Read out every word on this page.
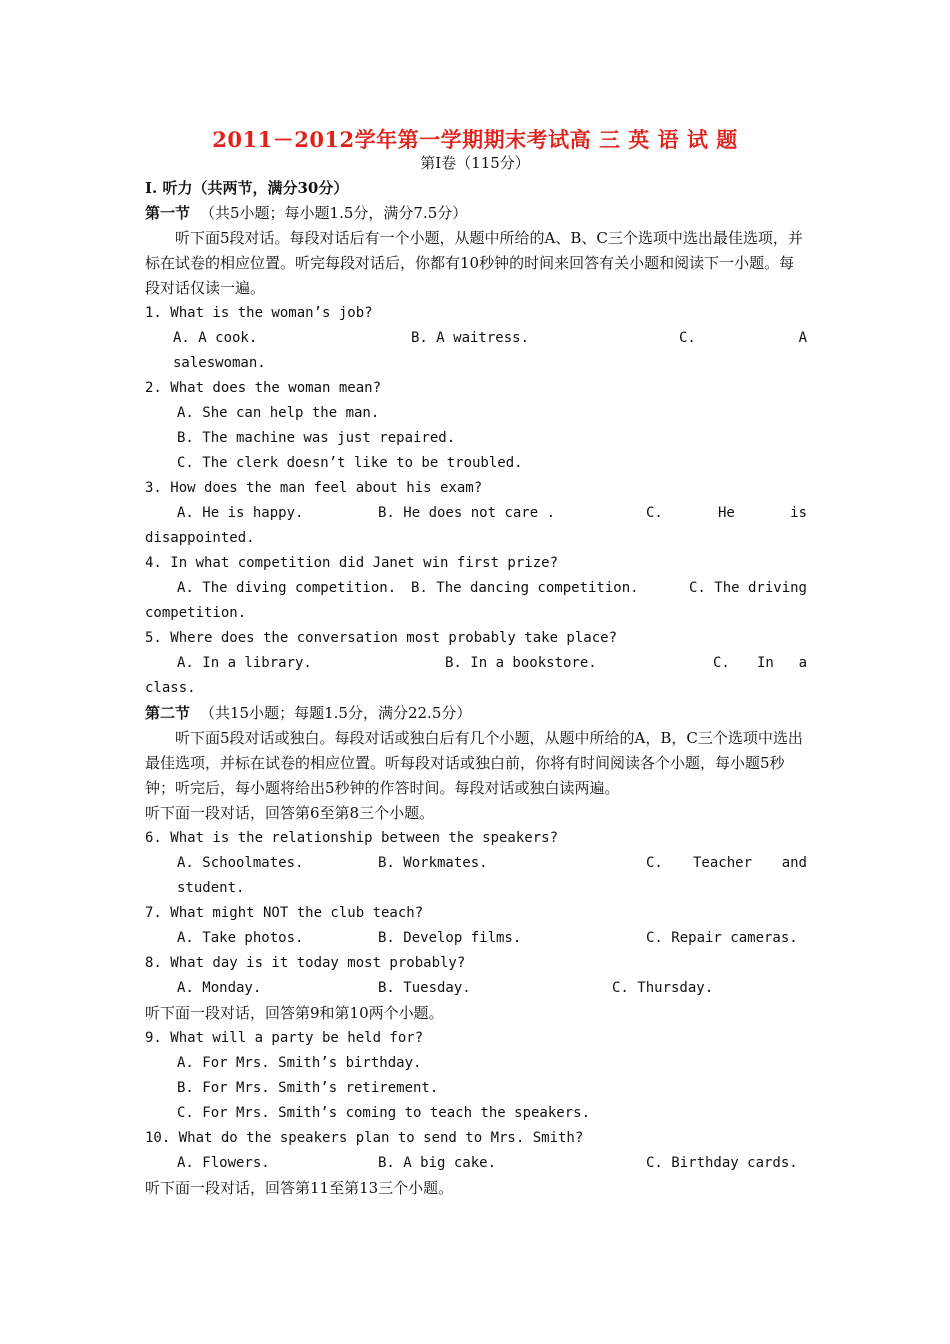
2011－2012学年第一学期期末考试高 三 英 语 试 题
第Ⅰ卷（115分）
Ⅰ. 听力（共两节，满分30分）
第一节 （共5小题；每小题1.5分，满分7.5分）
听下面5段对话。每段对话后有一个小题，从题中所给的A、B、C三个选项中选出最佳选项，并标在试卷的相应位置。听完每段对话后，你都有10秒钟的时间来回答有关小题和阅读下一小题。每段对话仅读一遍。
1. What is the woman’s job?
A. A cook.	B. A waitress.	C.	A
saleswoman.
2. What does the woman mean?
A. She can help the man.
B. The machine was just repaired.
C. The clerk doesn’t like to be troubled.
3. How does the man feel about his exam?
A. He is happy.	B. He does not care .	C.	He	is
disappointed.
4. In what competition did Janet win first prize?
A. The diving competition. B. The dancing competition.	C. The driving
competition.
5. Where does the conversation most probably take place?
A. In a library.	B. In a bookstore.	C. In a
class.
第二节 （共15小题；每题1.5分，满分22.5分）
听下面5段对话或独白。每段对话或独白后有几个小题，从题中所给的A，B，C三个选项中选出最佳选项，并标在试卷的相应位置。听每段对话或独白前，你将有时间阅读各个小题，每小题5秒钟；听完后，每小题将给出5秒钟的作答时间。每段对话或独白读两遍。
听下面一段对话，回答第6至第8三个小题。
6. What is the relationship between the speakers?
A. Schoolmates.	B. Workmates.	C. Teacher and
student.
7. What might NOT the club teach?
A. Take photos.	B. Develop films.	C. Repair cameras.
8. What day is it today most probably?
A. Monday.	B. Tuesday.	C. Thursday.
听下面一段对话，回答第9和第10两个小题。
9. What will a party be held for?
A. For Mrs. Smith’s birthday.
B. For Mrs. Smith’s retirement.
C. For Mrs. Smith’s coming to teach the speakers.
10. What do the speakers plan to send to Mrs. Smith?
A. Flowers.	B. A big cake.	C. Birthday cards.
听下面一段对话，回答第11至第13三个小题。
